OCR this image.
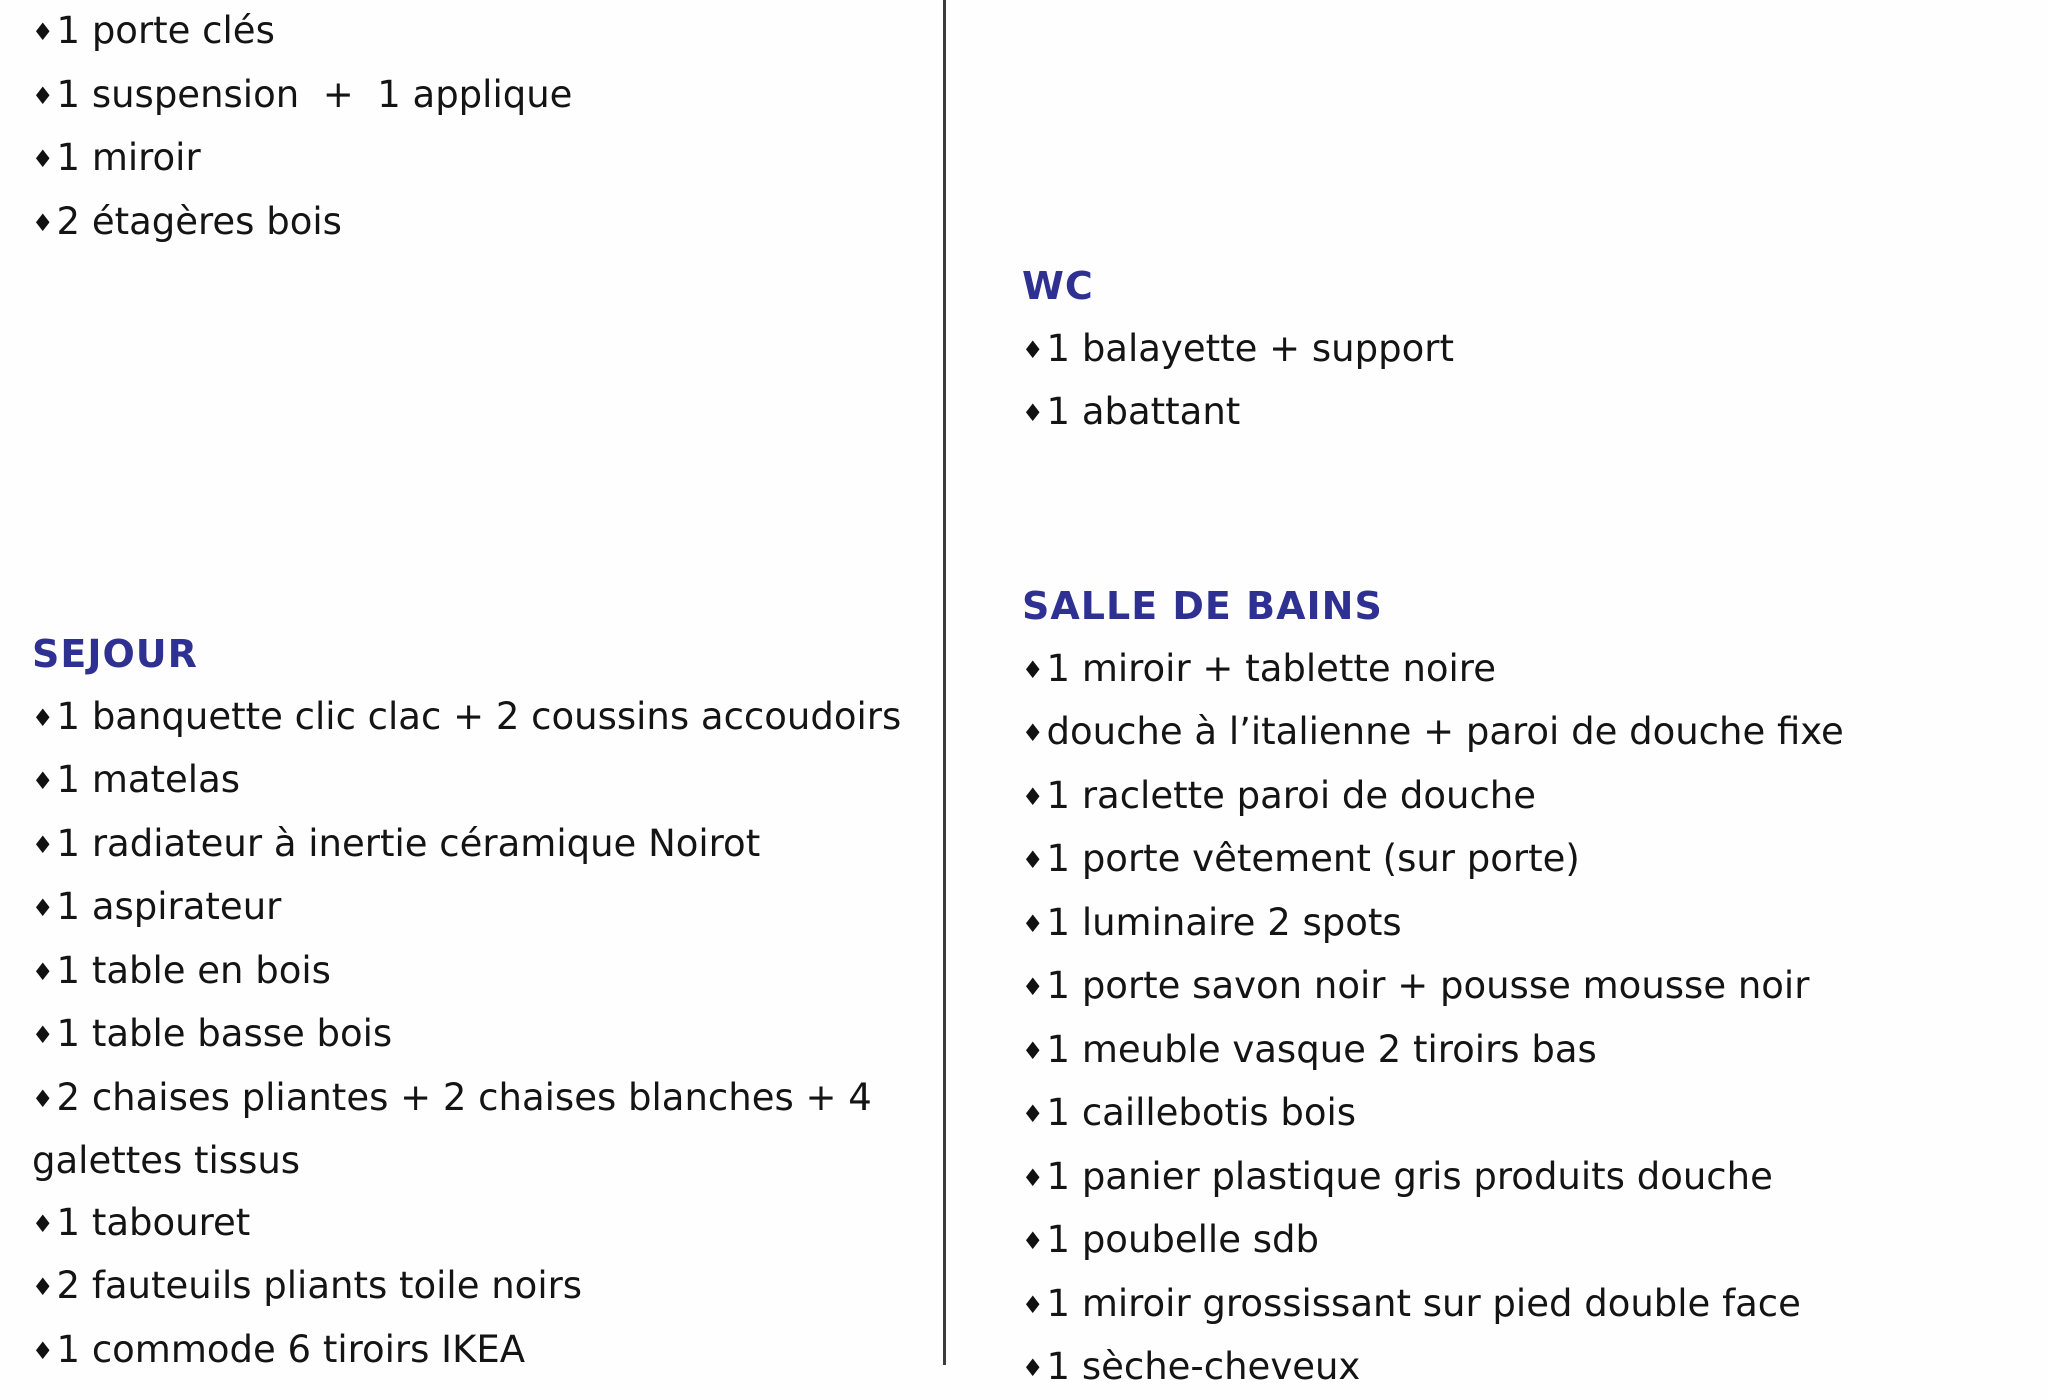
♦1 porte clés
♦1 suspension  +  1 applique
♦1 miroir
♦2 étagères bois
SEJOUR
♦1 banquette clic clac + 2 coussins accoudoirs
♦1 matelas
♦1 radiateur à inertie céramique Noirot
♦1 aspirateur
♦1 table en bois
♦1 table basse bois
♦2 chaises pliantes + 2 chaises blanches + 4 galettes tissus
♦1 tabouret
♦2 fauteuils pliants toile noirs
♦1 commode 6 tiroirs IKEA
WC
♦1 balayette + support
♦1 abattant
SALLE DE BAINS
♦1 miroir + tablette noire
♦douche à l’italienne + paroi de douche fixe
♦1 raclette paroi de douche
♦1 porte vêtement (sur porte)
♦1 luminaire 2 spots
♦1 porte savon noir + pousse mousse noir
♦1 meuble vasque 2 tiroirs bas
♦1 caillebotis bois
♦1 panier plastique gris produits douche
♦1 poubelle sdb
♦1 miroir grossissant sur pied double face
♦1 sèche-cheveux
